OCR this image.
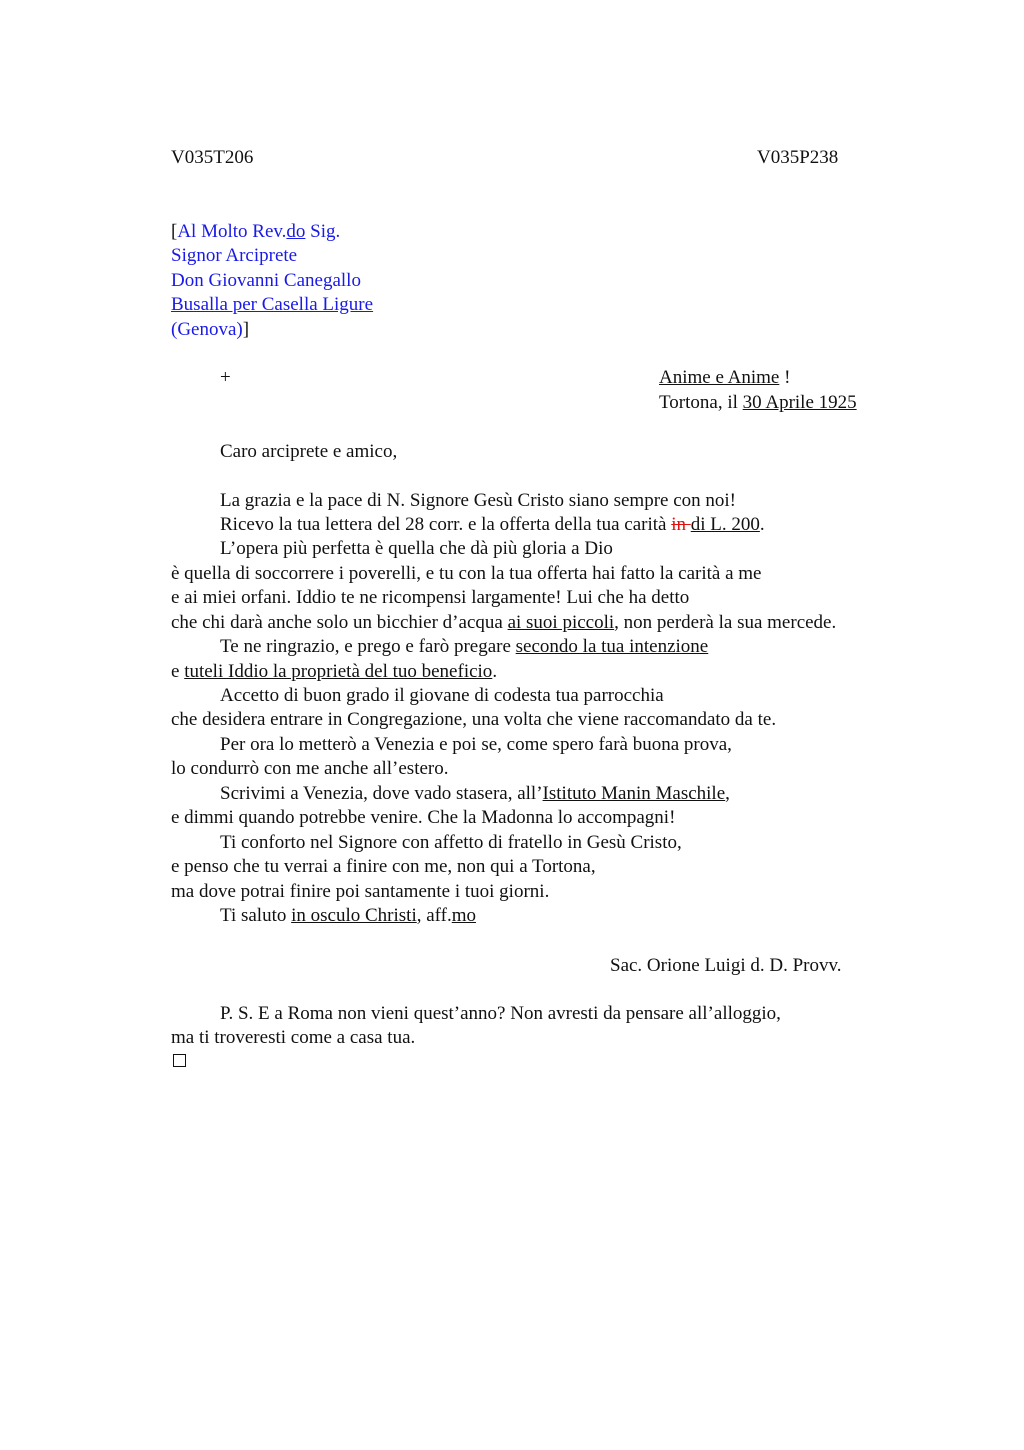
V035T206	V035P238
[Al Molto Rev.do Sig.
Signor Arciprete
Don Giovanni Canegallo
Busalla per Casella Ligure
(Genova)]
+	Anime e Anime !
Tortona, il 30 Aprile 1925
Caro arciprete e amico,
La grazia e la pace di N. Signore Gesù Cristo siano sempre con noi!
Ricevo la tua lettera del 28 corr. e la offerta della tua carità in di L. 200.
L’opera più perfetta è quella che dà più gloria a Dio
è quella di soccorrere i poverelli, e tu con la tua offerta hai fatto la carità a me
e ai miei orfani. Iddio te ne ricompensi largamente! Lui che ha detto
che chi darà anche solo un bicchier d’acqua ai suoi piccoli, non perderà la sua mercede.
Te ne ringrazio, e prego e farò pregare secondo la tua intenzione
e tuteli Iddio la proprietà del tuo beneficio.
Accetto di buon grado il giovane di codesta tua parrocchia
che desidera entrare in Congregazione, una volta che viene raccomandato da te.
Per ora lo metterò a Venezia e poi se, come spero farà buona prova,
lo condurrò con me anche all’estero.
Scrivimi a Venezia, dove vado stasera, all’Istituto Manin Maschile,
e dimmi quando potrebbe venire. Che la Madonna lo accompagni!
Ti conforto nel Signore con affetto di fratello in Gesù Cristo,
e penso che tu verrai a finire con me, non qui a Tortona,
ma dove potrai finire poi santamente i tuoi giorni.
Ti saluto in osculo Christi, aff.mo
Sac. Orione Luigi d. D. Provv.
P. S. E a Roma non vieni quest’anno? Non avresti da pensare all’alloggio,
ma ti troveresti come a casa tua.
